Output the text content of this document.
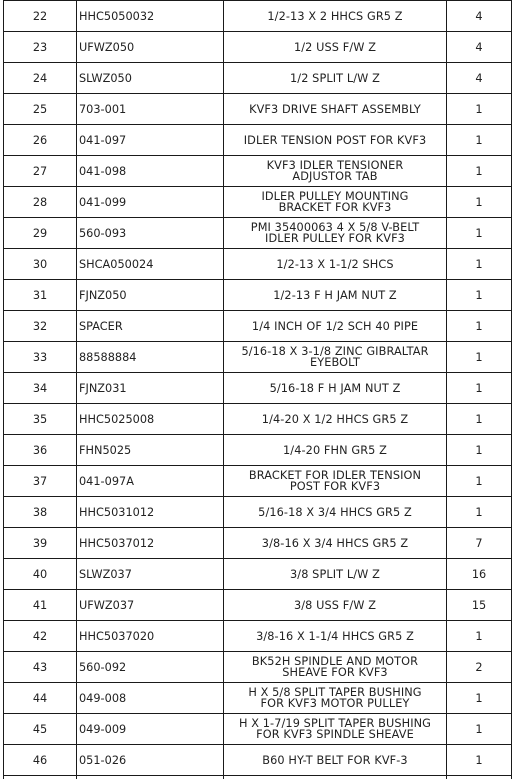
22	HHC5050032	1/2-13 X 2 HHCS GR5 Z	4
23	UFWZ050	1/2 USS F/W Z	4
24	SLWZ050	1/2 SPLIT L/W Z	4
25	703-001	KVF3 DRIVE SHAFT ASSEMBLY	1
26	041-097	IDLER TENSION POST FOR KVF3	1
27	041-098	KVF3 IDLER TENSIONER
ADJUSTOR TAB	1
28	041-099	IDLER PULLEY MOUNTING
BRACKET FOR KVF3	1
29	560-093	PMI 35400063 4 X 5/8 V-BELT
IDLER PULLEY FOR KVF3	1
30	SHCA050024	1/2-13 X 1-1/2 SHCS	1
31	FJNZ050	1/2-13 F H JAM NUT Z	1
32	SPACER	1/4 INCH OF 1/2 SCH 40 PIPE	1
33	88588884	5/16-18 X 3-1/8 ZINC GIBRALTAR
EYEBOLT	1
34	FJNZ031	5/16-18 F H JAM NUT Z	1
35	HHC5025008	1/4-20 X 1/2 HHCS GR5 Z	1
36	FHN5025	1/4-20 FHN GR5 Z	1
37	041-097A	BRACKET FOR IDLER TENSION
POST FOR KVF3	1
38	HHC5031012	5/16-18 X 3/4 HHCS GR5 Z	1
39	HHC5037012	3/8-16 X 3/4 HHCS GR5 Z	7
40	SLWZ037	3/8 SPLIT L/W Z	16
41	UFWZ037	3/8 USS F/W Z	15
42	HHC5037020	3/8-16 X 1-1/4 HHCS GR5 Z	1
43	560-092	BK52H SPINDLE AND MOTOR
SHEAVE FOR KVF3	2
44	049-008	H X 5/8 SPLIT TAPER BUSHING
FOR KVF3 MOTOR PULLEY	1
45	049-009	H X 1-7/19 SPLIT TAPER BUSHING
FOR KVF3 SPINDLE SHEAVE	1
46	051-026	B60 HY-T BELT FOR KVF-3	1
